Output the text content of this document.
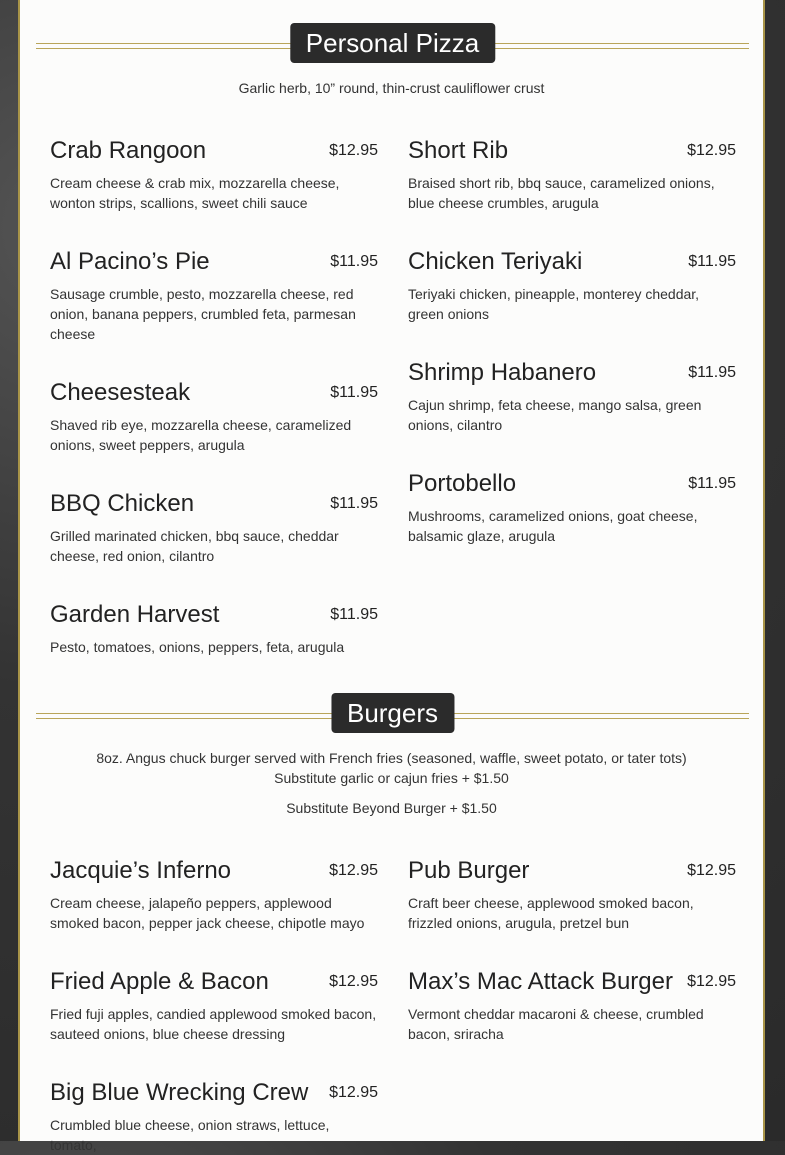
Personal Pizza
Garlic herb, 10” round, thin-crust cauliflower crust
Crab Rangoon	$12.95
Cream cheese & crab mix, mozzarella cheese, wonton strips, scallions, sweet chili sauce
Al Pacino’s Pie	$11.95
Sausage crumble, pesto, mozzarella cheese, red onion, banana peppers, crumbled feta, parmesan cheese
Cheesesteak	$11.95
Shaved rib eye, mozzarella cheese, caramelized onions, sweet peppers, arugula
BBQ Chicken	$11.95
Grilled marinated chicken, bbq sauce, cheddar cheese, red onion, cilantro
Garden Harvest	$11.95
Pesto, tomatoes, onions, peppers, feta, arugula
Short Rib	$12.95
Braised short rib, bbq sauce, caramelized onions, blue cheese crumbles, arugula
Chicken Teriyaki	$11.95
Teriyaki chicken, pineapple, monterey cheddar, green onions
Shrimp Habanero	$11.95
Cajun shrimp, feta cheese, mango salsa, green onions, cilantro
Portobello	$11.95
Mushrooms, caramelized onions, goat cheese, balsamic glaze, arugula
Burgers
8oz. Angus chuck burger served with French fries (seasoned, waffle, sweet potato, or tater tots)
Substitute garlic or cajun fries + $1.50
Substitute Beyond Burger + $1.50
Jacquie’s Inferno	$12.95
Cream cheese, jalapeño peppers, applewood smoked bacon, pepper jack cheese, chipotle mayo
Fried Apple & Bacon	$12.95
Fried fuji apples, candied applewood smoked bacon, sauteed onions, blue cheese dressing
Big Blue Wrecking Crew	$12.95
Crumbled blue cheese, onion straws, lettuce, tomato,
Pub Burger	$12.95
Craft beer cheese, applewood smoked bacon, frizzled onions, arugula, pretzel bun
Max’s Mac Attack Burger $12.95
Vermont cheddar macaroni & cheese, crumbled bacon, sriracha
